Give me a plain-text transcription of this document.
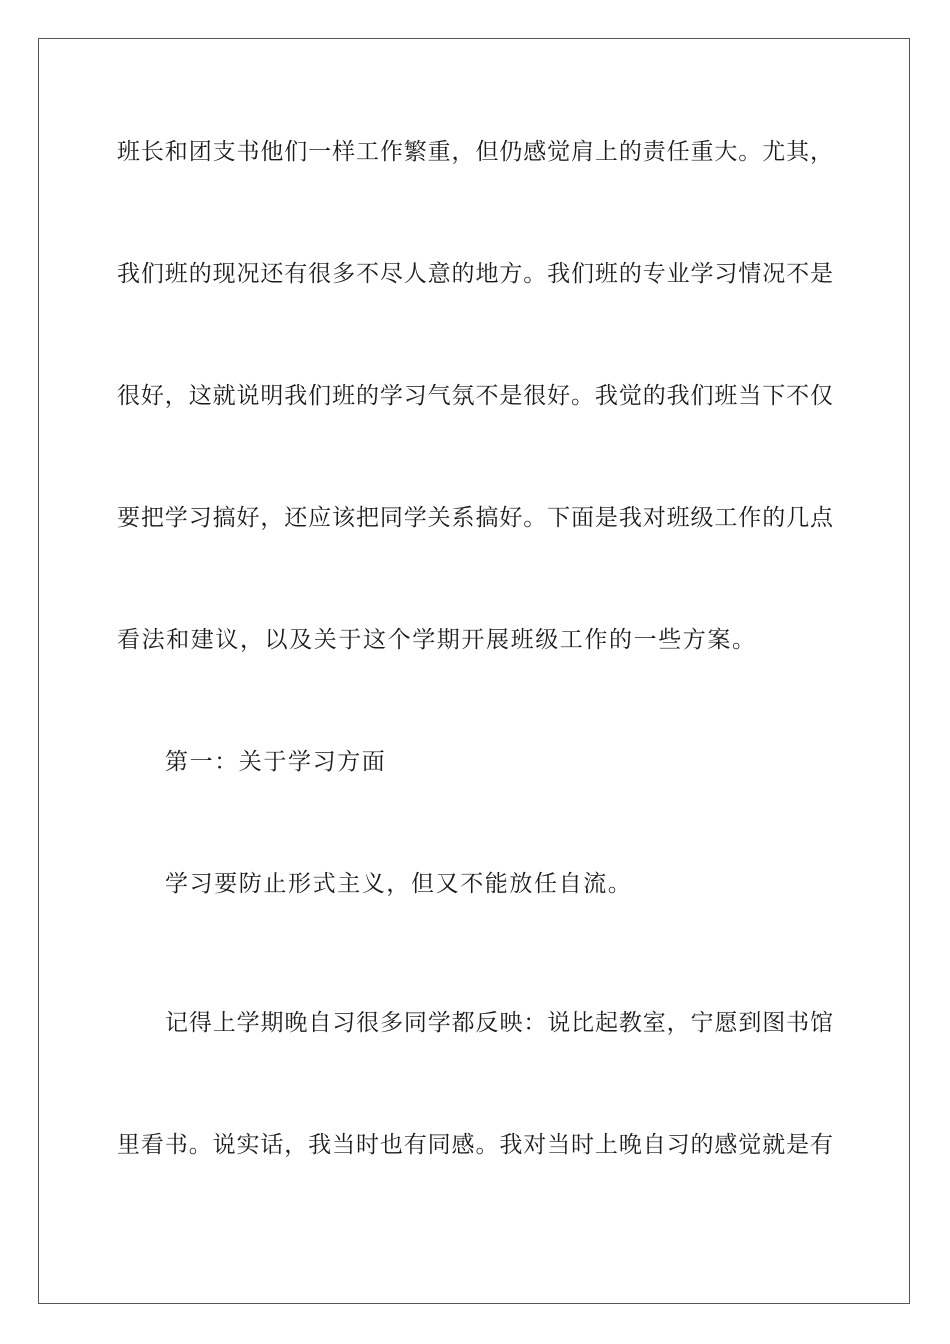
班长和团支书他们一样工作繁重，但仍感觉肩上的责任重大。尤其，

我们班的现况还有很多不尽人意的地方。我们班的专业学习情况不是

很好，这就说明我们班的学习气氛不是很好。我觉的我们班当下不仅

要把学习搞好，还应该把同学关系搞好。下面是我对班级工作的几点

看法和建议，以及关于这个学期开展班级工作的一些方案。

第一：关于学习方面

学习要防止形式主义，但又不能放任自流。

记得上学期晚自习很多同学都反映：说比起教室，宁愿到图书馆

里看书。说实话，我当时也有同感。我对当时上晚自习的感觉就是有
